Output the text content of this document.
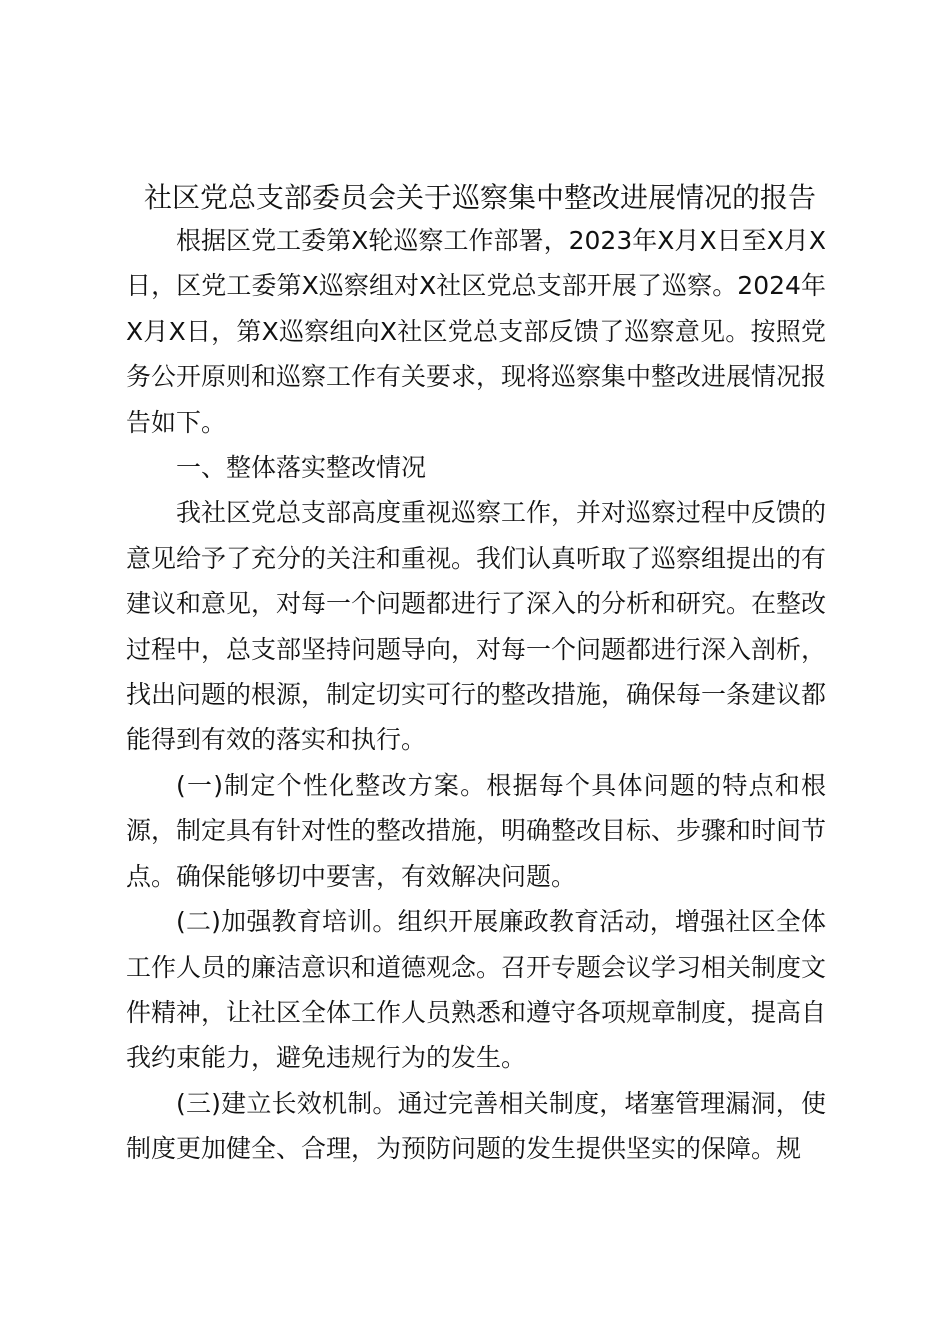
社区党总支部委员会关于巡察集中整改进展情况的报告

根据区党工委第X轮巡察工作部署，2023年X月X日至X月X日，区党工委第X巡察组对X社区党总支部开展了巡察。2024年X月X日，第X巡察组向X社区党总支部反馈了巡察意见。按照党务公开原则和巡察工作有关要求，现将巡察集中整改进展情况报告如下。

一、整体落实整改情况

我社区党总支部高度重视巡察工作，并对巡察过程中反馈的意见给予了充分的关注和重视。我们认真听取了巡察组提出的有建议和意见，对每一个问题都进行了深入的分析和研究。在整改过程中，总支部坚持问题导向，对每一个问题都进行深入剖析，找出问题的根源，制定切实可行的整改措施，确保每一条建议都能得到有效的落实和执行。

(一)制定个性化整改方案。根据每个具体问题的特点和根源，制定具有针对性的整改措施，明确整改目标、步骤和时间节点。确保能够切中要害，有效解决问题。

(二)加强教育培训。组织开展廉政教育活动，增强社区全体工作人员的廉洁意识和道德观念。召开专题会议学习相关制度文件精神，让社区全体工作人员熟悉和遵守各项规章制度，提高自我约束能力，避免违规行为的发生。

(三)建立长效机制。通过完善相关制度，堵塞管理漏洞，使制度更加健全、合理，为预防问题的发生提供坚实的保障。规
